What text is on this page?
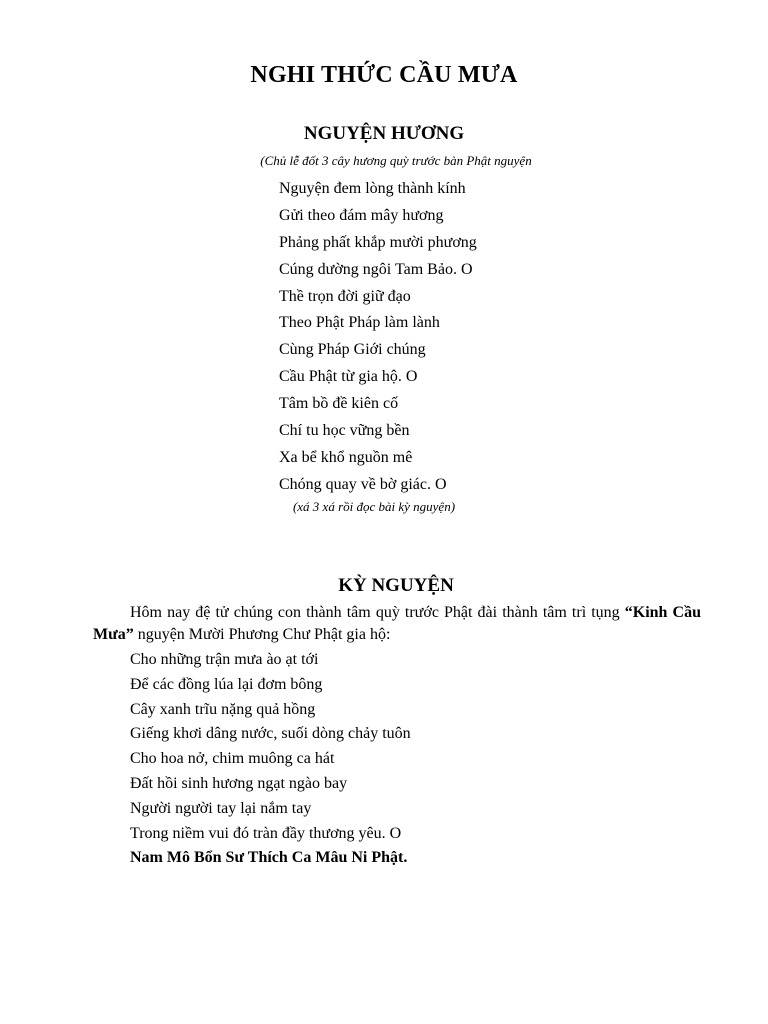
NGHI THỨC CẦU MƯA
NGUYỆN HƯƠNG
(Chủ lễ đốt 3 cây hương quỳ trước bàn Phật nguyện
Nguyện đem lòng thành kính
Gửi theo đám mây hương
Phảng phất khắp mười phương
Cúng dường ngôi Tam Bảo. O
Thề trọn đời giữ đạo
Theo Phật Pháp làm lành
Cùng Pháp Giới chúng
Cầu Phật từ gia hộ. O
Tâm bồ đề kiên cố
Chí tu học vững bền
Xa bể khổ nguồn mê
Chóng quay về bờ giác. O
(xá 3 xá rồi đọc bài kỳ nguyện)
KỲ NGUYỆN

Hôm nay đệ tử chúng con thành tâm quỳ trước Phật đài thành tâm trì tụng “Kinh Cầu Mưa” nguyện Mười Phương Chư Phật gia hộ:

Cho những trận mưa ào ạt tới
Để các đồng lúa lại đơm bông
Cây xanh trĩu nặng quả hồng
Giếng khơi dâng nước, suối dòng chảy tuôn
Cho hoa nở, chim muông ca hát
Đất hồi sinh hương ngạt ngào bay
Người người tay lại nắm tay
Trong niềm vui đó tràn đầy thương yêu. O
Nam Mô Bổn Sư Thích Ca Mâu Ni Phật.
